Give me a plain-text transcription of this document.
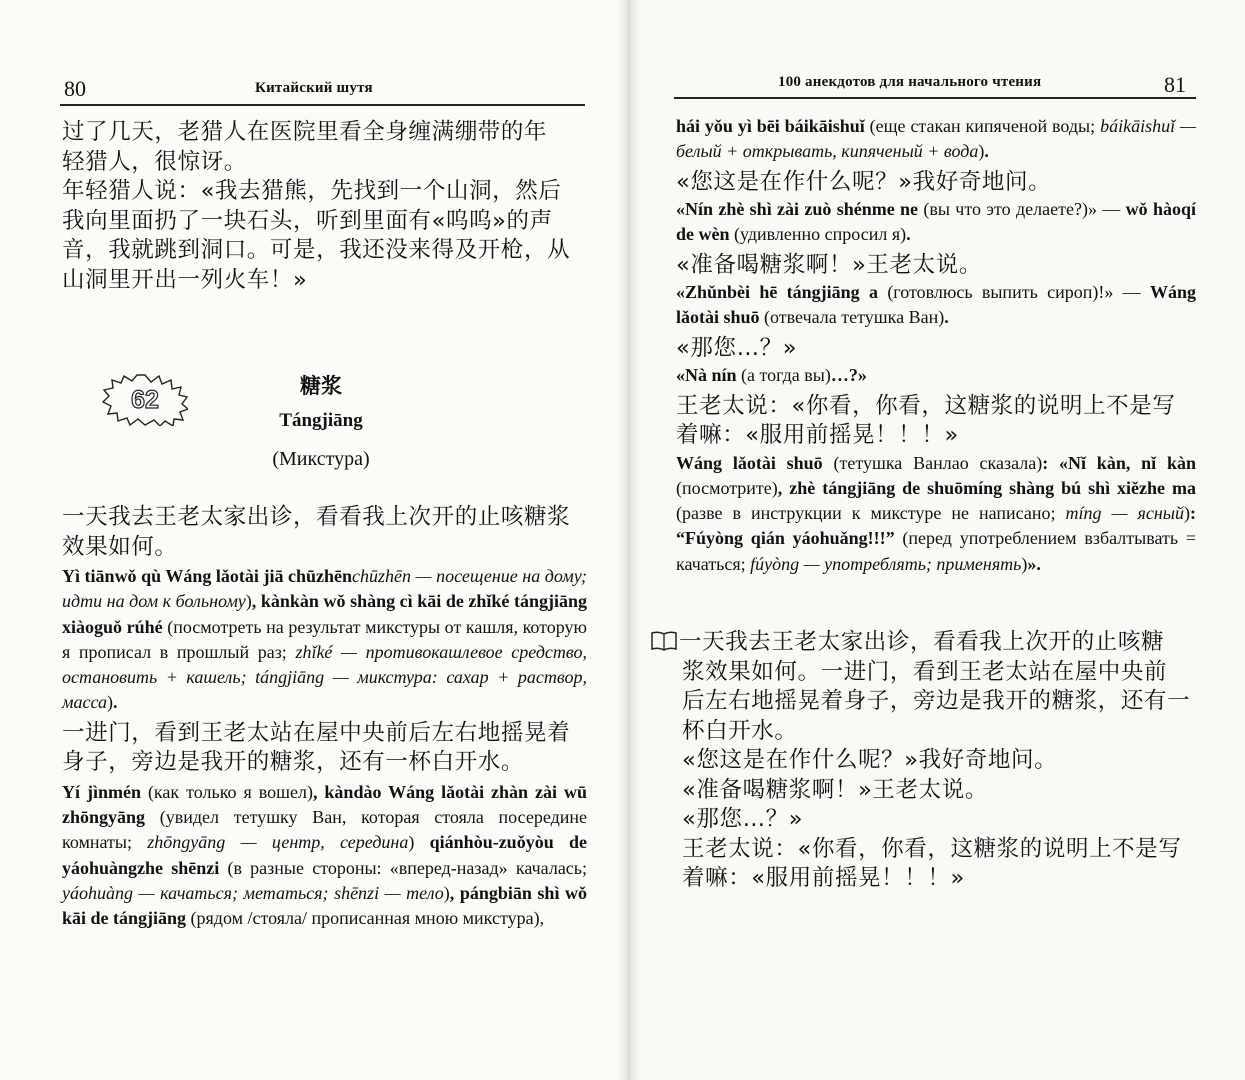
80	Китайский шутя

过了几天，老猎人在医院里看全身缠满绷带的年

轻猎人，很惊讶。

年轻猎人说：«我去猎熊，先找到一个山洞，然后

我向里面扔了一块石头，听到里面有«呜呜»的声

音，我就跳到洞口。可是，我还没来得及开枪，从

山洞里开出一列火车！»

62	糖浆
Tángjiāng
(Микстура)

一天我去王老太家出诊，看看我上次开的止咳糖浆

效果如何。

Yì tiānwǒ qù Wáng lǎotài jiā chūzhēnchūzhēn — посещение на дому; идти на дом к больному), kànkàn wǒ shàng cì kāi de zhǐké tángjiāng xiàoguǒ rúhé (посмотреть на результат микстуры от кашля, которую я прописал в прошлый раз; zhǐké — противокашлевое средство, остановить + кашель; tángjiāng — микстура: сахар + раствор, масса).

一进门，看到王老太站在屋中央前后左右地摇晃着

身子，旁边是我开的糖浆，还有一杯白开水。

Yí jìnmén (как только я вошел), kàndào Wáng lǎotài zhàn zài wū zhōngyāng (увидел тетушку Ван, которая стояла посередине комнаты; zhōngyāng — центр, середина) qiánhòu-zuǒyòu de yáohuàngzhe shēnzi (в разные стороны: «вперед-назад» качалась; yáohuàng — качаться; метаться; shēnzi — тело), pángbiān shì wǒ kāi de tángjiāng (рядом /стояла/ прописанная мною микстура),

100 анекдотов для начального чтения	81

hái yǒu yì bēi báikāishuǐ (еще стакан кипяченой воды; báikāishuǐ — белый + открывать, кипяченый + вода).

«您这是在作什么呢？»我好奇地问。

«Nín zhè shì zài zuò shénme ne (вы что это делаете?)» — wǒ hàoqí de wèn (удивленно спросил я).

«准备喝糖浆啊！»王老太说。

«Zhǔnbèi hē tángjiāng a (готовлюсь выпить сироп)!» — Wáng lǎotài shuō (отвечала тетушка Ван).

«那您…？»

«Nà nín (а тогда вы)…?»

王老太说：«你看，你看，这糖浆的说明上不是写

着嘛：«服用前摇晃！！！»

Wáng lǎotài shuō (тетушка Ванлао сказала): «Nǐ kàn, nǐ kàn (посмотрите), zhè tángjiāng de shuōmíng shàng bú shì xiězhe ma (разве в инструкции к микстуре не написано; míng — ясный): “Fúyòng qián yáohuǎng!!!” (перед употреблением взбалтывать = качаться; fúyòng — употреблять; применять)».

一天我去王老太家出诊，看看我上次开的止咳糖

浆效果如何。一进门，看到王老太站在屋中央前

后左右地摇晃着身子，旁边是我开的糖浆，还有一

杯白开水。

«您这是在作什么呢？»我好奇地问。

«准备喝糖浆啊！»王老太说。

«那您…？»

王老太说：«你看，你看，这糖浆的说明上不是写

着嘛：«服用前摇晃！！！»
